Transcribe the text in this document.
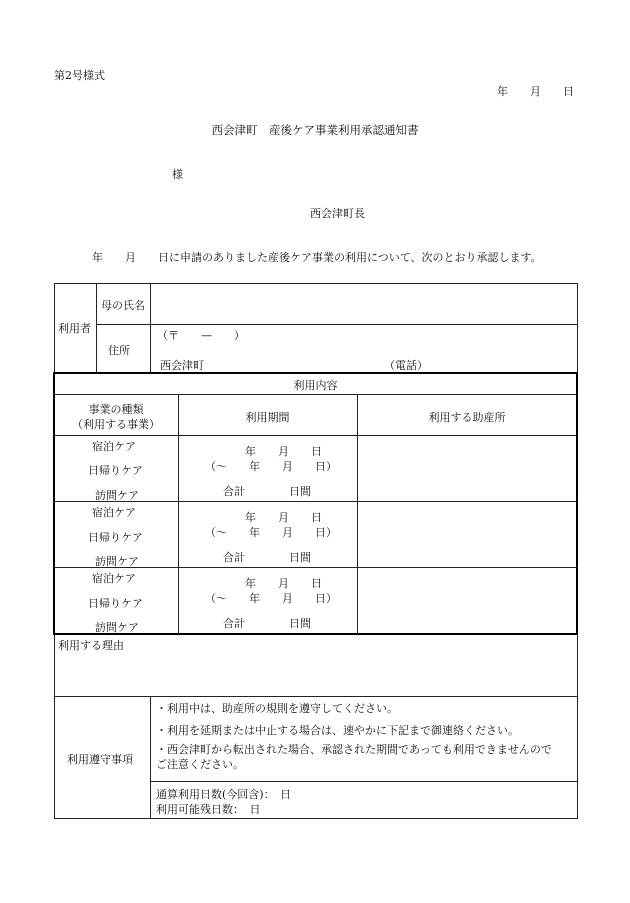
第2号様式
年　　月　　日
西会津町　産後ケア事業利用承認通知書
様
西会津町長
年　　月　　日に申請のありました産後ケア事業の利用について、次のとおり承認します。
利用者
母の氏名
住所
（〒　　—　　）
西会津町	（電話）
利用内容
事業の種類
（利用する事業）
利用期間	利用する助産所
宿泊ケア
日帰りケア
訪問ケア
年　　月　　日
（～　　年　　月　　日）
合計　　　　日間
宿泊ケア
日帰りケア
訪問ケア
年　　月　　日
（～　　年　　月　　日）
合計　　　　日間
宿泊ケア
日帰りケア
訪問ケア
年　　月　　日
（～　　年　　月　　日）
合計　　　　日間
利用する理由
利用遵守事項
・利用中は、助産所の規則を遵守してください。
・利用を延期または中止する場合は、速やかに下記まで御連絡ください。
・西会津町から転出された場合、承認された期間であっても利用できませんので
ご注意ください。
通算利用日数(今回含)：　日
利用可能残日数：　日
